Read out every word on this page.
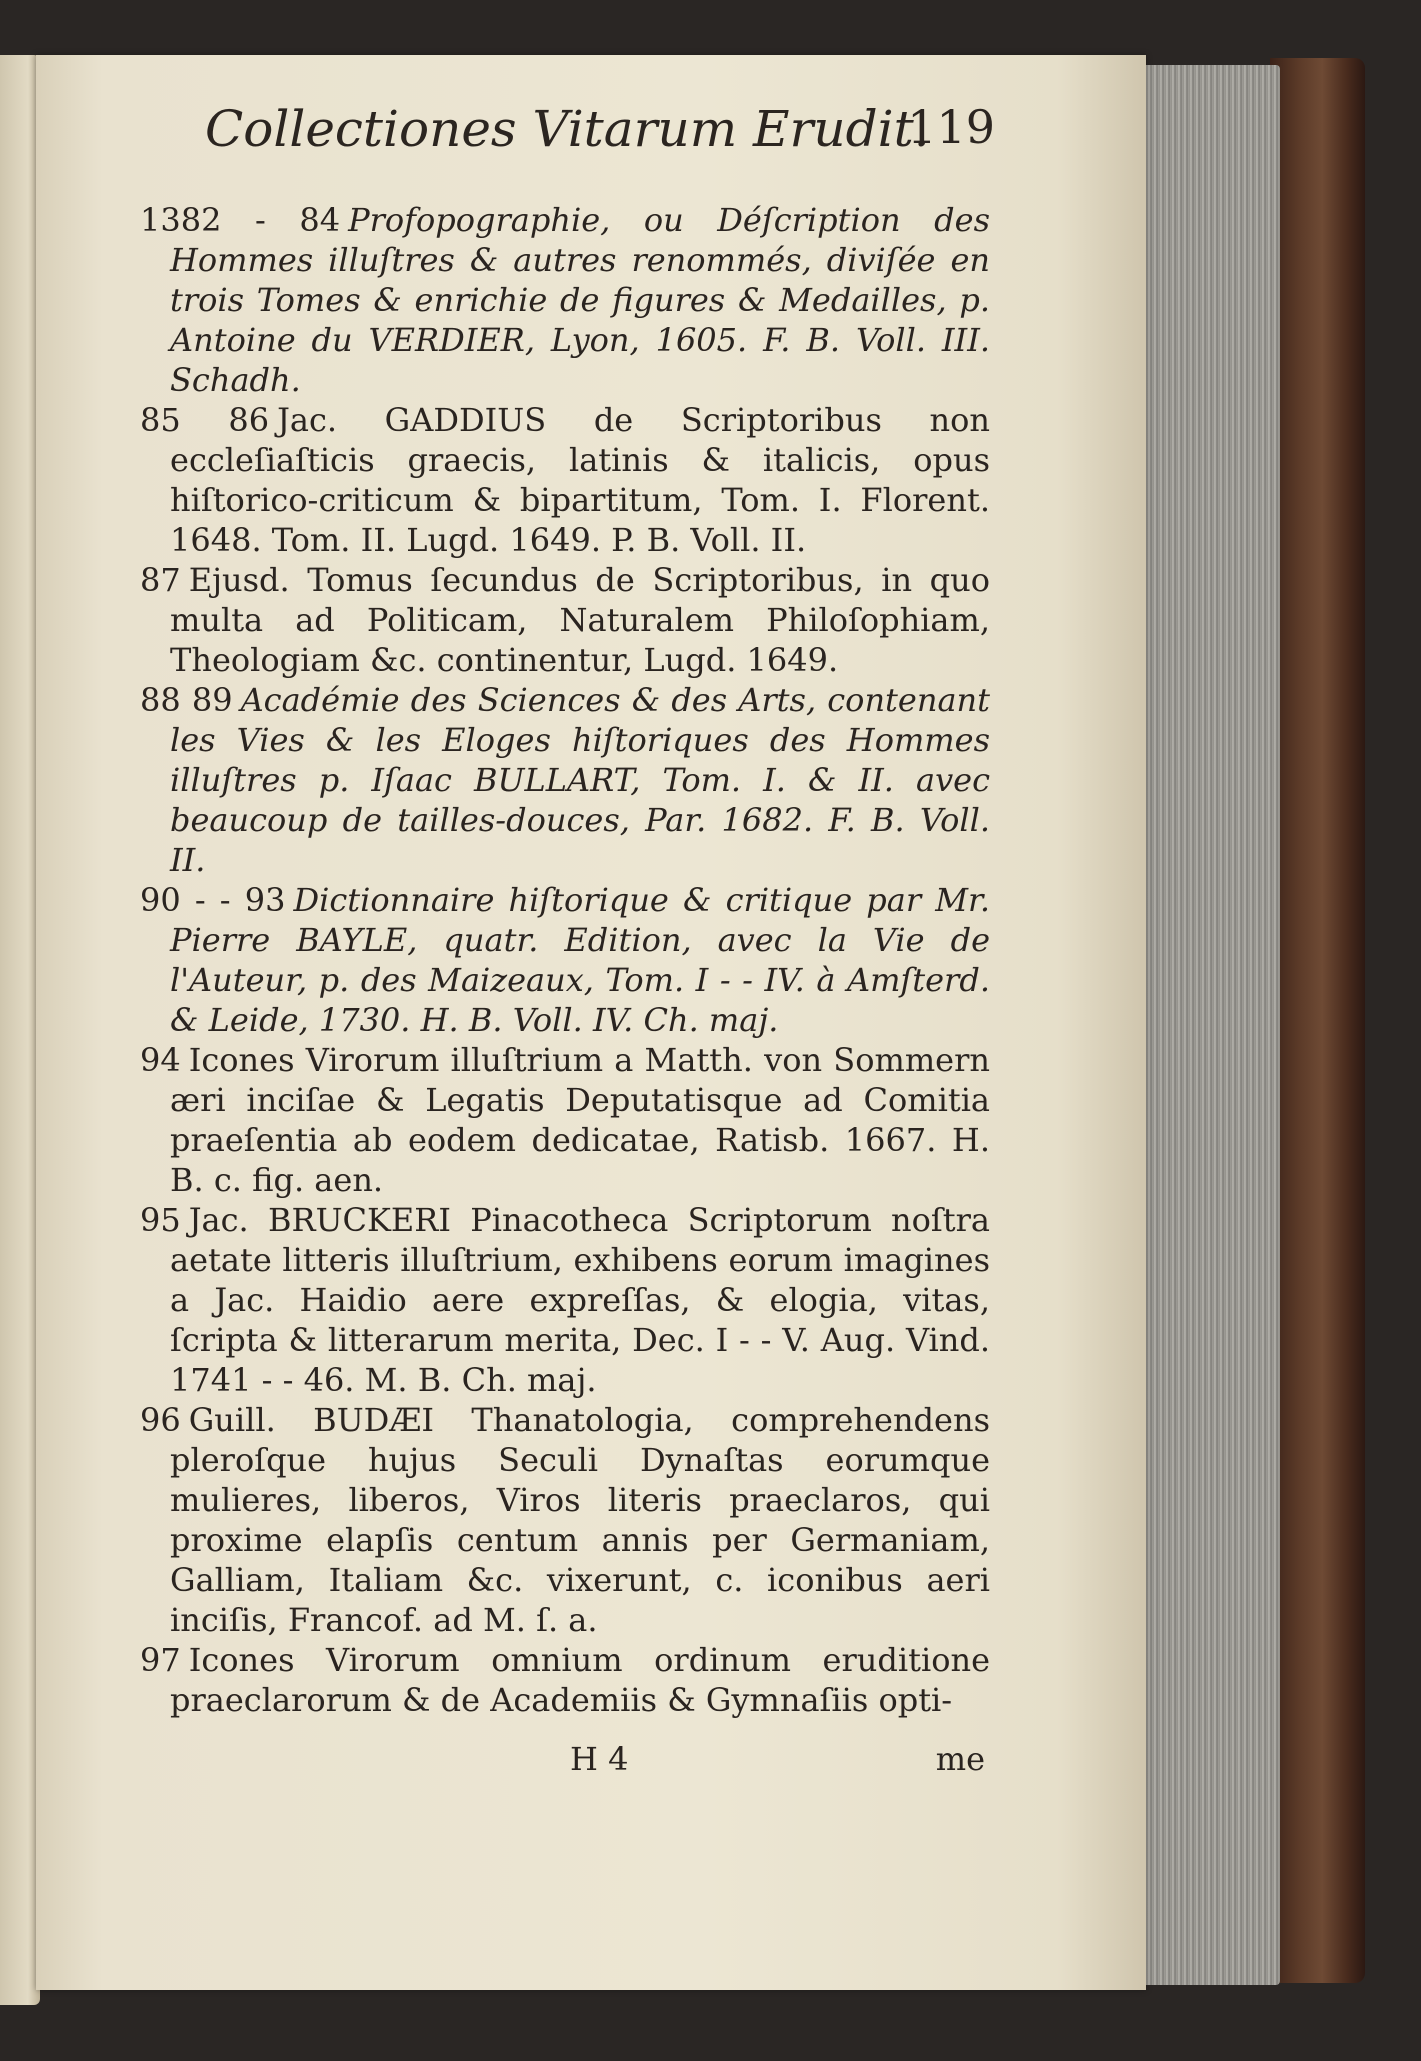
Collectiones Vitarum Erudit.
119

1382 - 84 Profopographie, ou Déſcription des Hommes illuſtres & autres renommés, diviſée en trois Tomes & enrichie de figures & Medailles, p. Antoine du VERDIER, Lyon, 1605. F. B. Voll. III. Schadh.

85 86 Jac. GADDIUS de Scriptoribus non eccleſiaſticis graecis, latinis & italicis, opus hiſtorico-criticum & bipartitum, Tom. I. Florent. 1648. Tom. II. Lugd. 1649. P. B. Voll. II.

87 Ejusd. Tomus ſecundus de Scriptoribus, in quo multa ad Politicam, Naturalem Philoſophiam, Theologiam &c. continentur, Lugd. 1649.

88 89 Académie des Sciences & des Arts, contenant les Vies & les Eloges hiſtoriques des Hommes illuſtres p. Iſaac BULLART, Tom. I. & II. avec beaucoup de tailles-douces, Par. 1682. F. B. Voll. II.

90 - - 93 Dictionnaire hiſtorique & critique par Mr. Pierre BAYLE, quatr. Edition, avec la Vie de l'Auteur, p. des Maizeaux, Tom. I - - IV. à Amſterd. & Leide, 1730. H. B. Voll. IV. Ch. maj.

94 Icones Virorum illuſtrium a Matth. von Sommern æri inciſae & Legatis Deputatisque ad Comitia praeſentia ab eodem dedicatae, Ratisb. 1667. H. B. c. fig. aen.

95 Jac. BRUCKERI Pinacotheca Scriptorum noſtra aetate litteris illuſtrium, exhibens eorum imagines a Jac. Haidio aere expreſſas, & elogia, vitas, ſcripta & litterarum merita, Dec. I - - V. Aug. Vind. 1741 - - 46. M. B. Ch. maj.

96 Guill. BUDÆI Thanatologia, comprehendens pleroſque hujus Seculi Dynaſtas eorumque mulieres, liberos, Viros literis praeclaros, qui proxime elapſis centum annis per Germaniam, Galliam, Italiam &c. vixerunt, c. iconibus aeri inciſis, Francof. ad M. ſ. a.

97 Icones Virorum omnium ordinum eruditione praeclarorum & de Academiis & Gymnaſiis opti-

H 4	me
